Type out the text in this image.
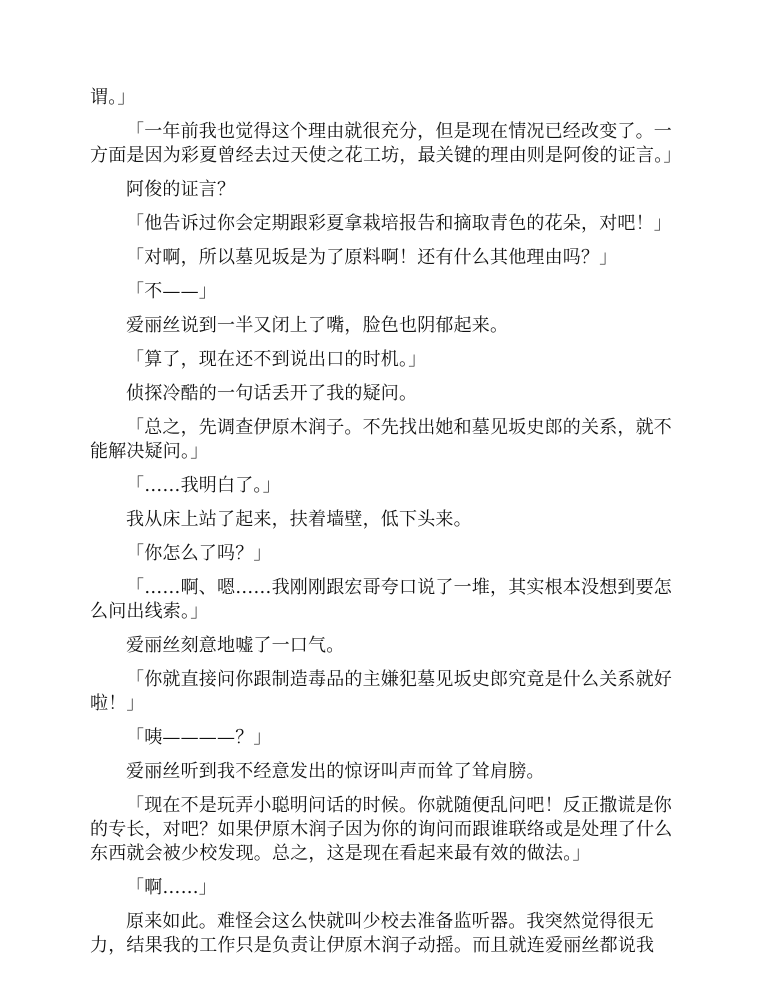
谓。」

「一年前我也觉得这个理由就很充分，但是现在情况已经改变了。一方面是因为彩夏曾经去过天使之花工坊，最关键的理由则是阿俊的证言。」

阿俊的证言？

「他告诉过你会定期跟彩夏拿栽培报告和摘取青色的花朵，对吧！」

「对啊，所以墓见坂是为了原料啊！还有什么其他理由吗？」

「不——」

爱丽丝说到一半又闭上了嘴，脸色也阴郁起来。

「算了，现在还不到说出口的时机。」

侦探冷酷的一句话丢开了我的疑问。

「总之，先调查伊原木润子。不先找出她和墓见坂史郎的关系，就不能解决疑问。」

「……我明白了。」

我从床上站了起来，扶着墙壁，低下头来。

「你怎么了吗？」

「……啊、嗯……我刚刚跟宏哥夸口说了一堆，其实根本没想到要怎么问出线索。」

爱丽丝刻意地嘘了一口气。

「你就直接问你跟制造毒品的主嫌犯墓见坂史郎究竟是什么关系就好啦！」

「咦————？」

爱丽丝听到我不经意发出的惊讶叫声而耸了耸肩膀。

「现在不是玩弄小聪明问话的时候。你就随便乱问吧！反正撒谎是你的专长，对吧？如果伊原木润子因为你的询问而跟谁联络或是处理了什么东西就会被少校发现。总之，这是现在看起来最有效的做法。」

「啊……」

原来如此。难怪会这么快就叫少校去准备监听器。我突然觉得很无力，结果我的工作只是负责让伊原木润子动摇。而且就连爱丽丝都说我
